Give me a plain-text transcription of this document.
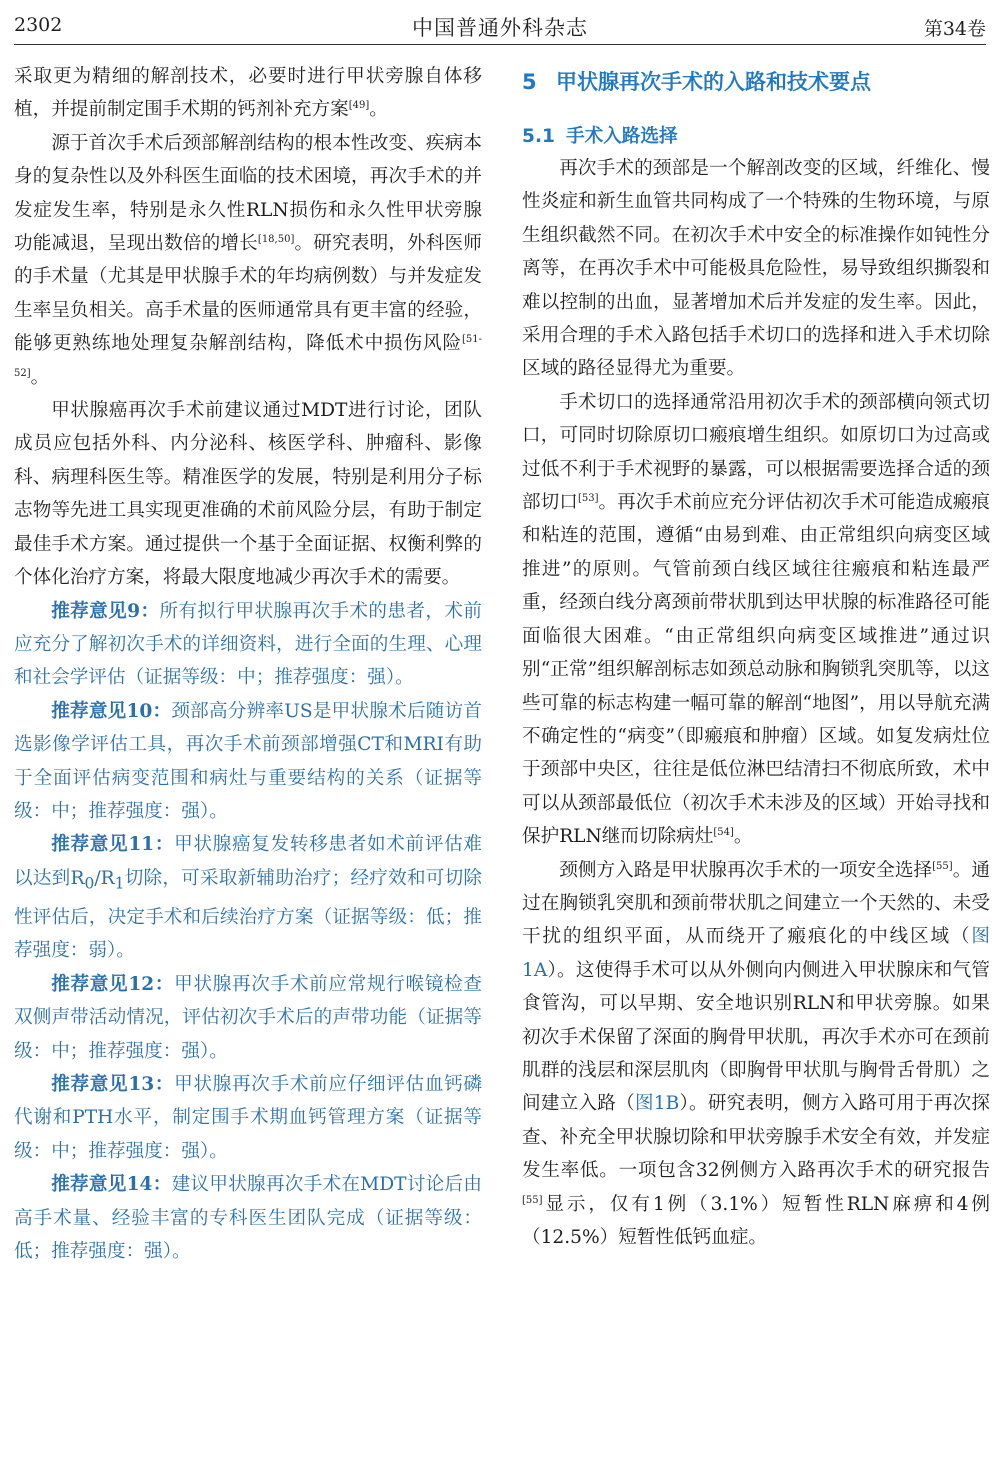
2302	中国普通外科杂志	第34卷

采取更为精细的解剖技术，必要时进行甲状旁腺自体移植，并提前制定围手术期的钙剂补充方案[49]。

源于首次手术后颈部解剖结构的根本性改变、疾病本身的复杂性以及外科医生面临的技术困境，再次手术的并发症发生率，特别是永久性RLN损伤和永久性甲状旁腺功能减退，呈现出数倍的增长[18,50]。研究表明，外科医师的手术量（尤其是甲状腺手术的年均病例数）与并发症发生率呈负相关。高手术量的医师通常具有更丰富的经验，能够更熟练地处理复杂解剖结构，降低术中损伤风险[51-52]。

甲状腺癌再次手术前建议通过MDT进行讨论，团队成员应包括外科、内分泌科、核医学科、肿瘤科、影像科、病理科医生等。精准医学的发展，特别是利用分子标志物等先进工具实现更准确的术前风险分层，有助于制定最佳手术方案。通过提供一个基于全面证据、权衡利弊的个体化治疗方案，将最大限度地减少再次手术的需要。

推荐意见9：所有拟行甲状腺再次手术的患者，术前应充分了解初次手术的详细资料，进行全面的生理、心理和社会学评估（证据等级：中；推荐强度：强）。

推荐意见10：颈部高分辨率US是甲状腺术后随访首选影像学评估工具，再次手术前颈部增强CT和MRI有助于全面评估病变范围和病灶与重要结构的关系（证据等级：中；推荐强度：强）。

推荐意见11：甲状腺癌复发转移患者如术前评估难以达到$R_0/R_1$切除，可采取新辅助治疗；经疗效和可切除性评估后，决定手术和后续治疗方案（证据等级：低；推荐强度：弱）。

推荐意见12：甲状腺再次手术前应常规行喉镜检查双侧声带活动情况，评估初次手术后的声带功能（证据等级：中；推荐强度：强）。

推荐意见13：甲状腺再次手术前应仔细评估血钙磷代谢和PTH水平，制定围手术期血钙管理方案（证据等级：中；推荐强度：强）。

推荐意见14：建议甲状腺再次手术在MDT讨论后由高手术量、经验丰富的专科医生团队完成（证据等级：低；推荐强度：强）。

5 甲状腺再次手术的入路和技术要点

5.1 手术入路选择

再次手术的颈部是一个解剖改变的区域，纤维化、慢性炎症和新生血管共同构成了一个特殊的生物环境，与原生组织截然不同。在初次手术中安全的标准操作如钝性分离等，在再次手术中可能极具危险性，易导致组织撕裂和难以控制的出血，显著增加术后并发症的发生率。因此，采用合理的手术入路包括手术切口的选择和进入手术切除区域的路径显得尤为重要。

手术切口的选择通常沿用初次手术的颈部横向领式切口，可同时切除原切口瘢痕增生组织。如原切口为过高或过低不利于手术视野的暴露，可以根据需要选择合适的颈部切口[53]。再次手术前应充分评估初次手术可能造成瘢痕和粘连的范围，遵循“由易到难、由正常组织向病变区域推进”的原则。气管前颈白线区域往往瘢痕和粘连最严重，经颈白线分离颈前带状肌到达甲状腺的标准路径可能面临很大困难。“由正常组织向病变区域推进”通过识别“正常”组织解剖标志如颈总动脉和胸锁乳突肌等，以这些可靠的标志构建一幅可靠的解剖“地图”，用以导航充满不确定性的“病变”（即瘢痕和肿瘤）区域。如复发病灶位于颈部中央区，往往是低位淋巴结清扫不彻底所致，术中可以从颈部最低位（初次手术未涉及的区域）开始寻找和保护RLN继而切除病灶[54]。

颈侧方入路是甲状腺再次手术的一项安全选择[55]。通过在胸锁乳突肌和颈前带状肌之间建立一个天然的、未受干扰的组织平面，从而绕开了瘢痕化的中线区域（图1A）。这使得手术可以从外侧向内侧进入甲状腺床和气管食管沟，可以早期、安全地识别RLN和甲状旁腺。如果初次手术保留了深面的胸骨甲状肌，再次手术亦可在颈前肌群的浅层和深层肌肉（即胸骨甲状肌与胸骨舌骨肌）之间建立入路（图1B）。研究表明，侧方入路可用于再次探查、补充全甲状腺切除和甲状旁腺手术安全有效，并发症发生率低。一项包含32例侧方入路再次手术的研究报告[55]显示，仅有1例（3.1%）短暂性RLN麻痹和4例（12.5%）短暂性低钙血症。
